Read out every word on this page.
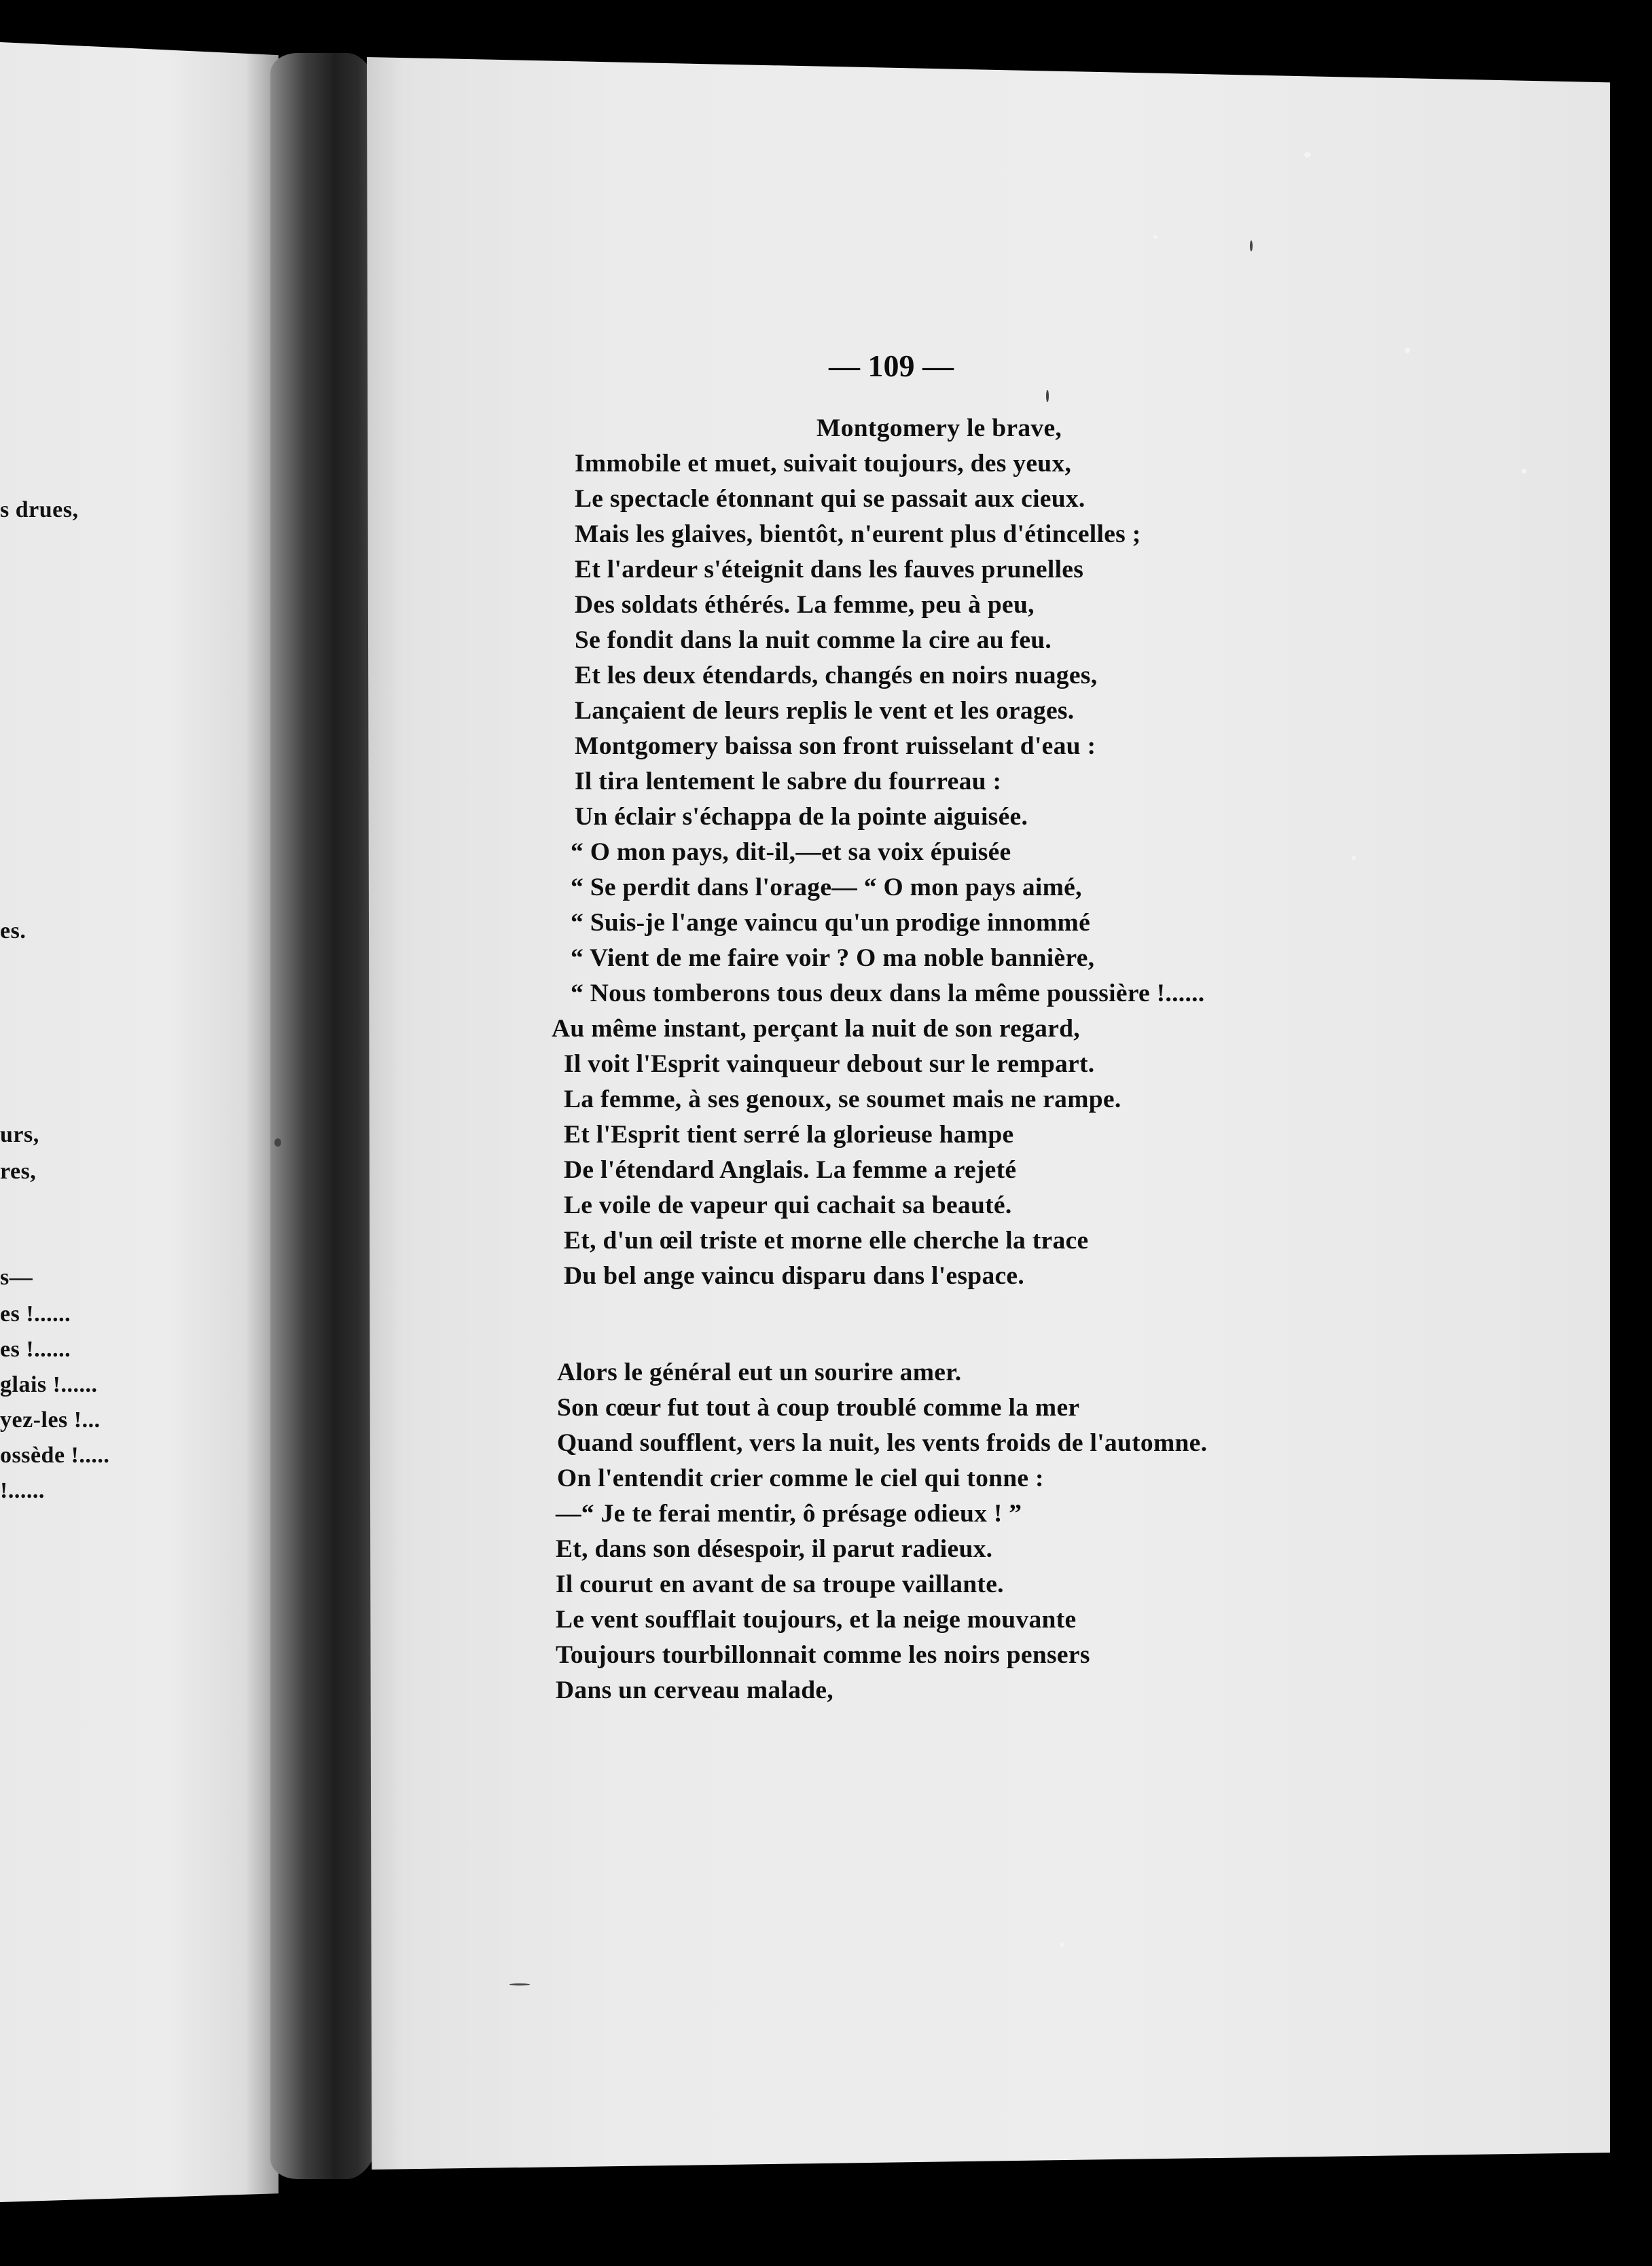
s drues,
es.
urs,
res,
s—
es !......
es !......
glais !......
yez-les !...
ossède !.....
!......
— 109 —
Montgomery le brave,
Immobile et muet, suivait toujours, des yeux,
Le spectacle étonnant qui se passait aux cieux.
Mais les glaives, bientôt, n'eurent plus d'étincelles ;
Et l'ardeur s'éteignit dans les fauves prunelles
Des soldats éthérés. La femme, peu à peu,
Se fondit dans la nuit comme la cire au feu.
Et les deux étendards, changés en noirs nuages,
Lançaient de leurs replis le vent et les orages.
Montgomery baissa son front ruisselant d'eau :
Il tira lentement le sabre du fourreau :
Un éclair s'échappa de la pointe aiguisée.
“ O mon pays, dit-il,—et sa voix épuisée
“ Se perdit dans l'orage— “ O mon pays aimé,
“ Suis-je l'ange vaincu qu'un prodige innommé
“ Vient de me faire voir ? O ma noble bannière,
“ Nous tomberons tous deux dans la même poussière !......
Au même instant, perçant la nuit de son regard,
Il voit l'Esprit vainqueur debout sur le rempart.
La femme, à ses genoux, se soumet mais ne rampe.
Et l'Esprit tient serré la glorieuse hampe
De l'étendard Anglais. La femme a rejeté
Le voile de vapeur qui cachait sa beauté.
Et, d'un œil triste et morne elle cherche la trace
Du bel ange vaincu disparu dans l'espace.
Alors le général eut un sourire amer.
Son cœur fut tout à coup troublé comme la mer
Quand soufflent, vers la nuit, les vents froids de l'automne.
On l'entendit crier comme le ciel qui tonne :
—“ Je te ferai mentir, ô présage odieux ! ”
Et, dans son désespoir, il parut radieux.
Il courut en avant de sa troupe vaillante.
Le vent soufflait toujours, et la neige mouvante
Toujours tourbillonnait comme les noirs pensers
Dans un cerveau malade,
